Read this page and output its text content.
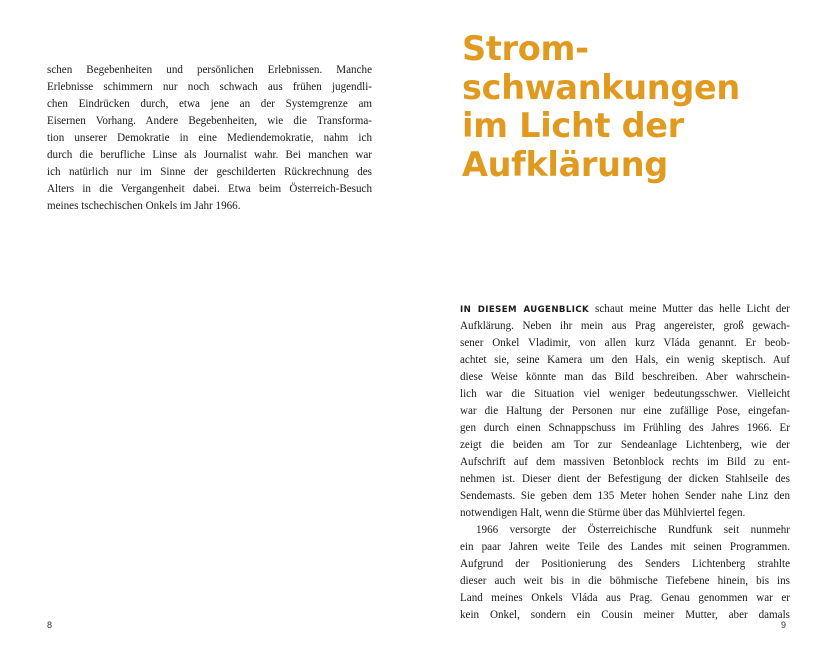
schen Begebenheiten und persönlichen Erlebnissen. Manche
Erlebnisse schimmern nur noch schwach aus frühen jugendli-
chen Eindrücken durch, etwa jene an der Systemgrenze am
Eisernen Vorhang. Andere Begebenheiten, wie die Transforma-
tion unserer Demokratie in eine Mediendemokratie, nahm ich
durch die berufliche Linse als Journalist wahr. Bei manchen war
ich natürlich nur im Sinne der geschilderten Rückrechnung des
Alters in die Vergangenheit dabei. Etwa beim Österreich-Besuch
meines tschechischen Onkels im Jahr 1966.
8
Strom-
schwankungen
im Licht der
Aufklärung
IN DIESEM AUGENBLICK schaut meine Mutter das helle Licht der
Aufklärung. Neben ihr mein aus Prag angereister, groß gewach-
sener Onkel Vladimir, von allen kurz Vláda genannt. Er beob-
achtet sie, seine Kamera um den Hals, ein wenig skeptisch. Auf
diese Weise könnte man das Bild beschreiben. Aber wahrschein-
lich war die Situation viel weniger bedeutungsschwer. Vielleicht
war die Haltung der Personen nur eine zufällige Pose, eingefan-
gen durch einen Schnappschuss im Frühling des Jahres 1966. Er
zeigt die beiden am Tor zur Sendeanlage Lichtenberg, wie der
Aufschrift auf dem massiven Betonblock rechts im Bild zu ent-
nehmen ist. Dieser dient der Befestigung der dicken Stahlseile des
Sendemasts. Sie geben dem 135 Meter hohen Sender nahe Linz den
notwendigen Halt, wenn die Stürme über das Mühlviertel fegen.
1966 versorgte der Österreichische Rundfunk seit nunmehr
ein paar Jahren weite Teile des Landes mit seinen Programmen.
Aufgrund der Positionierung des Senders Lichtenberg strahlte
dieser auch weit bis in die böhmische Tiefebene hinein, bis ins
Land meines Onkels Vláda aus Prag. Genau genommen war er
kein Onkel, sondern ein Cousin meiner Mutter, aber damals
9
